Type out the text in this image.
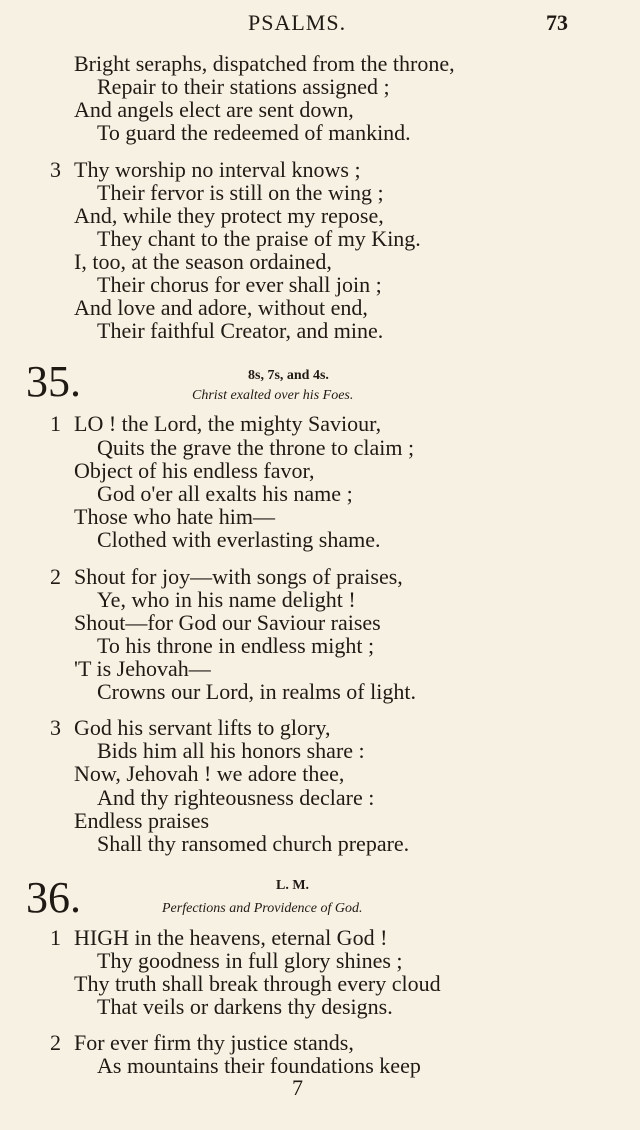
PSALMS.	73
Bright seraphs, dispatched from the throne,
Repair to their stations assigned ;
And angels elect are sent down,
To guard the redeemed of mankind.
3 Thy worship no interval knows ;
Their fervor is still on the wing ;
And, while they protect my repose,
They chant to the praise of my King.
I, too, at the season ordained,
Their chorus for ever shall join ;
And love and adore, without end,
Their faithful Creator, and mine.
35.	8s, 7s, and 4s.
Christ exalted over his Foes.
1 LO ! the Lord, the mighty Saviour,
Quits the grave the throne to claim ;
Object of his endless favor,
God o'er all exalts his name ;
Those who hate him—
Clothed with everlasting shame.
2 Shout for joy—with songs of praises,
Ye, who in his name delight !
Shout—for God our Saviour raises
To his throne in endless might ;
'T is Jehovah—
Crowns our Lord, in realms of light.
3 God his servant lifts to glory,
Bids him all his honors share :
Now, Jehovah ! we adore thee,
And thy righteousness declare :
Endless praises
Shall thy ransomed church prepare.
36.	L. M.
Perfections and Providence of God.
1 HIGH in the heavens, eternal God !
Thy goodness in full glory shines ;
Thy truth shall break through every cloud
That veils or darkens thy designs.
2 For ever firm thy justice stands,
As mountains their foundations keep
7
